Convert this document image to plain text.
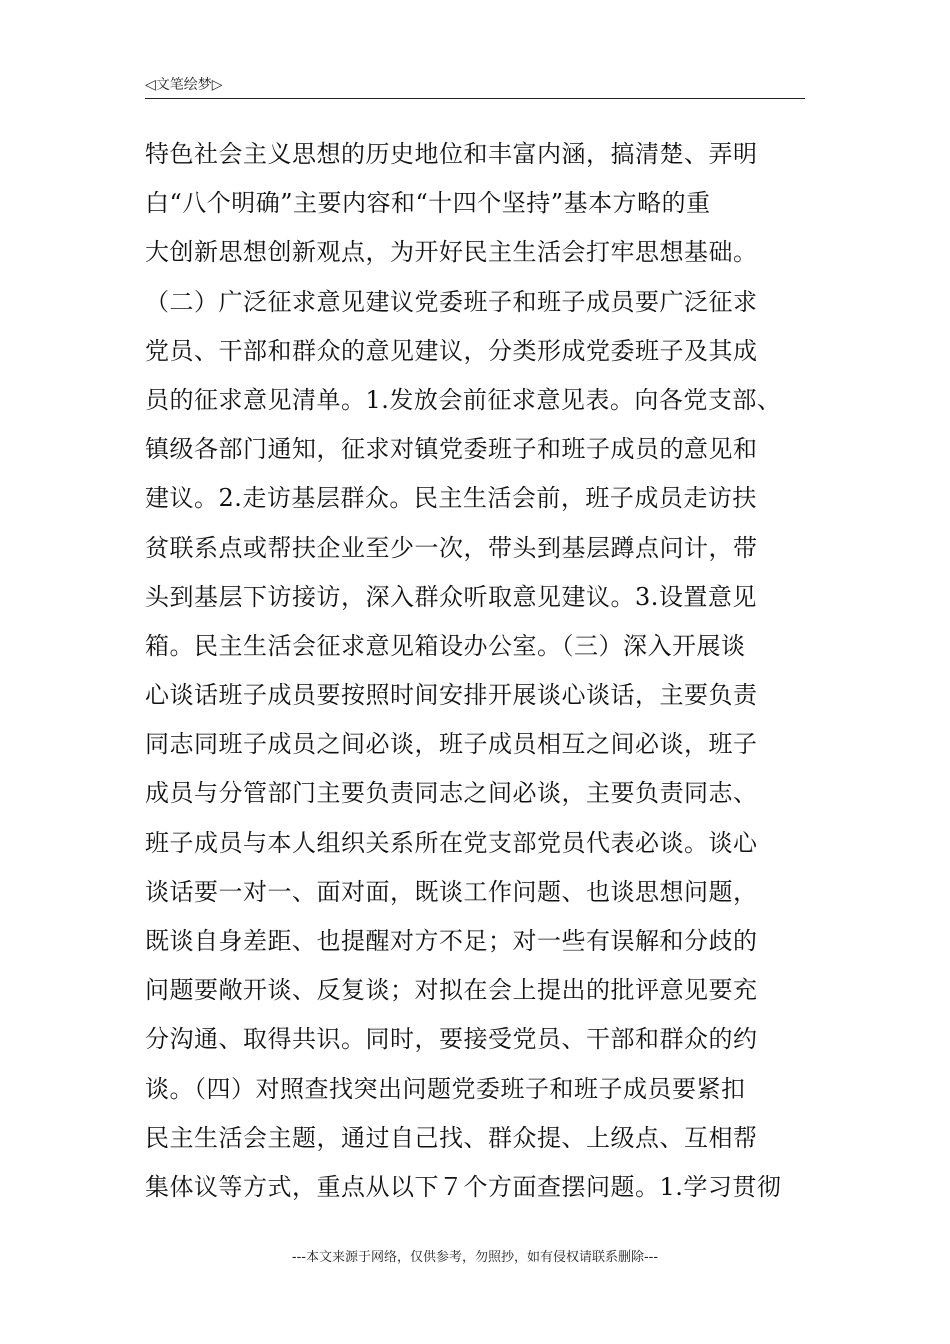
◁文笔绘梦▷
特色社会主义思想的历史地位和丰富内涵，搞清楚、弄明
白“八个明确”主要内容和“十四个坚持”基本方略的重
大创新思想创新观点，为开好民主生活会打牢思想基础。
（二）广泛征求意见建议党委班子和班子成员要广泛征求
党员、干部和群众的意见建议，分类形成党委班子及其成
员的征求意见清单。1.发放会前征求意见表。向各党支部、
镇级各部门通知，征求对镇党委班子和班子成员的意见和
建议。2.走访基层群众。民主生活会前，班子成员走访扶
贫联系点或帮扶企业至少一次，带头到基层蹲点问计，带
头到基层下访接访，深入群众听取意见建议。3.设置意见
箱。民主生活会征求意见箱设办公室。（三）深入开展谈
心谈话班子成员要按照时间安排开展谈心谈话，主要负责
同志同班子成员之间必谈，班子成员相互之间必谈，班子
成员与分管部门主要负责同志之间必谈，主要负责同志、
班子成员与本人组织关系所在党支部党员代表必谈。谈心
谈话要一对一、面对面，既谈工作问题、也谈思想问题，
既谈自身差距、也提醒对方不足；对一些有误解和分歧的
问题要敞开谈、反复谈；对拟在会上提出的批评意见要充
分沟通、取得共识。同时，要接受党员、干部和群众的约
谈。（四）对照查找突出问题党委班子和班子成员要紧扣
民主生活会主题，通过自己找、群众提、上级点、互相帮
集体议等方式，重点从以下７个方面查摆问题。1.学习贯彻
---本文来源于网络，仅供参考，勿照抄，如有侵权请联系删除---
